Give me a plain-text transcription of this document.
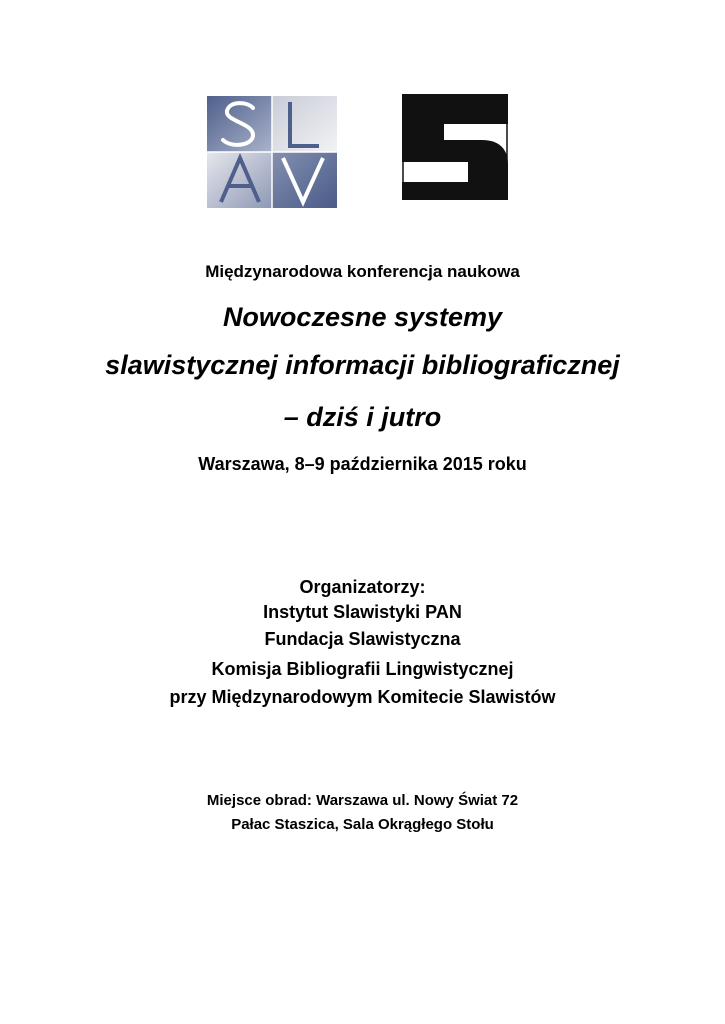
Międzynarodowa konferencja naukowa
Nowoczesne systemy
slawistycznej informacji bibliograficznej
– dziś i jutro
Warszawa, 8–9 października 2015 roku
Organizatorzy:
Instytut Slawistyki PAN
Fundacja Slawistyczna
Komisja Bibliografii Lingwistycznej
przy Międzynarodowym Komitecie Slawistów
Miejsce obrad: Warszawa ul. Nowy Świat 72
Pałac Staszica, Sala Okrągłego Stołu
